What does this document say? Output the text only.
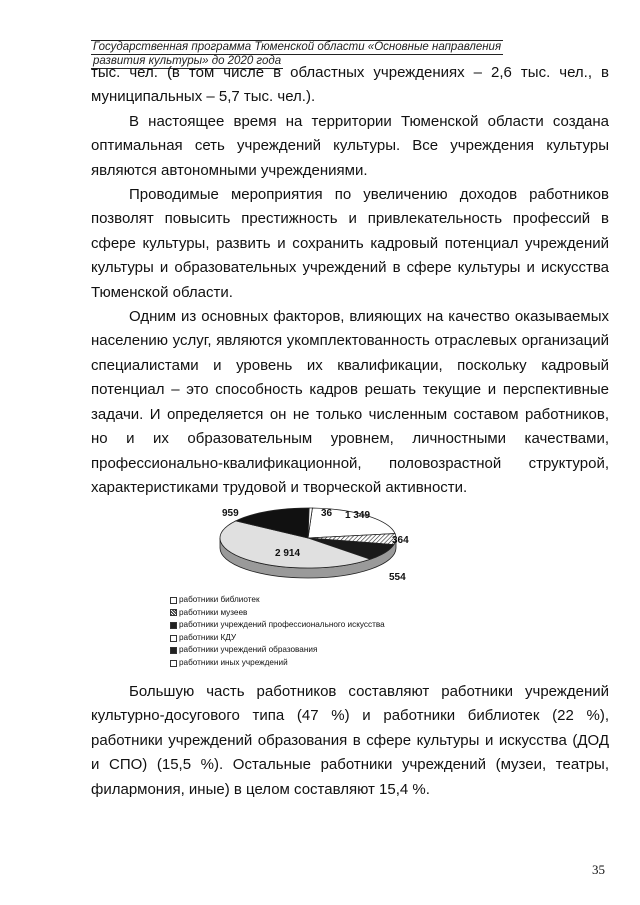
Государственная программа Тюменской области «Основные направления
развития культуры» до 2020 года

тыс. чел. (в том числе в областных учреждениях – 2,6 тыс. чел., в муниципальных – 5,7 тыс. чел.).

В настоящее время на территории Тюменской области создана оптимальная сеть учреждений культуры. Все учреждения культуры являются автономными учреждениями.

Проводимые мероприятия по увеличению доходов работников позволят повысить престижность и привлекательность профессий в сфере культуры, развить и сохранить кадровый потенциал учреждений культуры и образовательных учреждений в сфере культуры и искусства Тюменской области.

Одним из основных факторов, влияющих на качество оказываемых населению услуг, являются укомплектованность отраслевых организаций специалистами и уровень их квалификации, поскольку кадровый потенциал – это способность кадров решать текущие и перспективные задачи. И определяется он не только численным составом работников, но и их образовательным уровнем, личностными качествами, профессионально-квалификационной, половозрастной структурой, характеристиками трудовой и творческой активности.

1 349
364
554
2 914
959	36
работники библиотек
работники музеев
работники учреждений профессионального искусства
работники КДУ
работники учреждений образования
работники иных учреждений

Большую часть работников составляют работники учреждений культурно-досугового типа (47 %) и работники библиотек (22 %), работники учреждений образования в сфере культуры и искусства (ДОД и СПО) (15,5 %). Остальные работники учреждений (музеи, театры, филармония, иные) в целом составляют 15,4 %.

35
